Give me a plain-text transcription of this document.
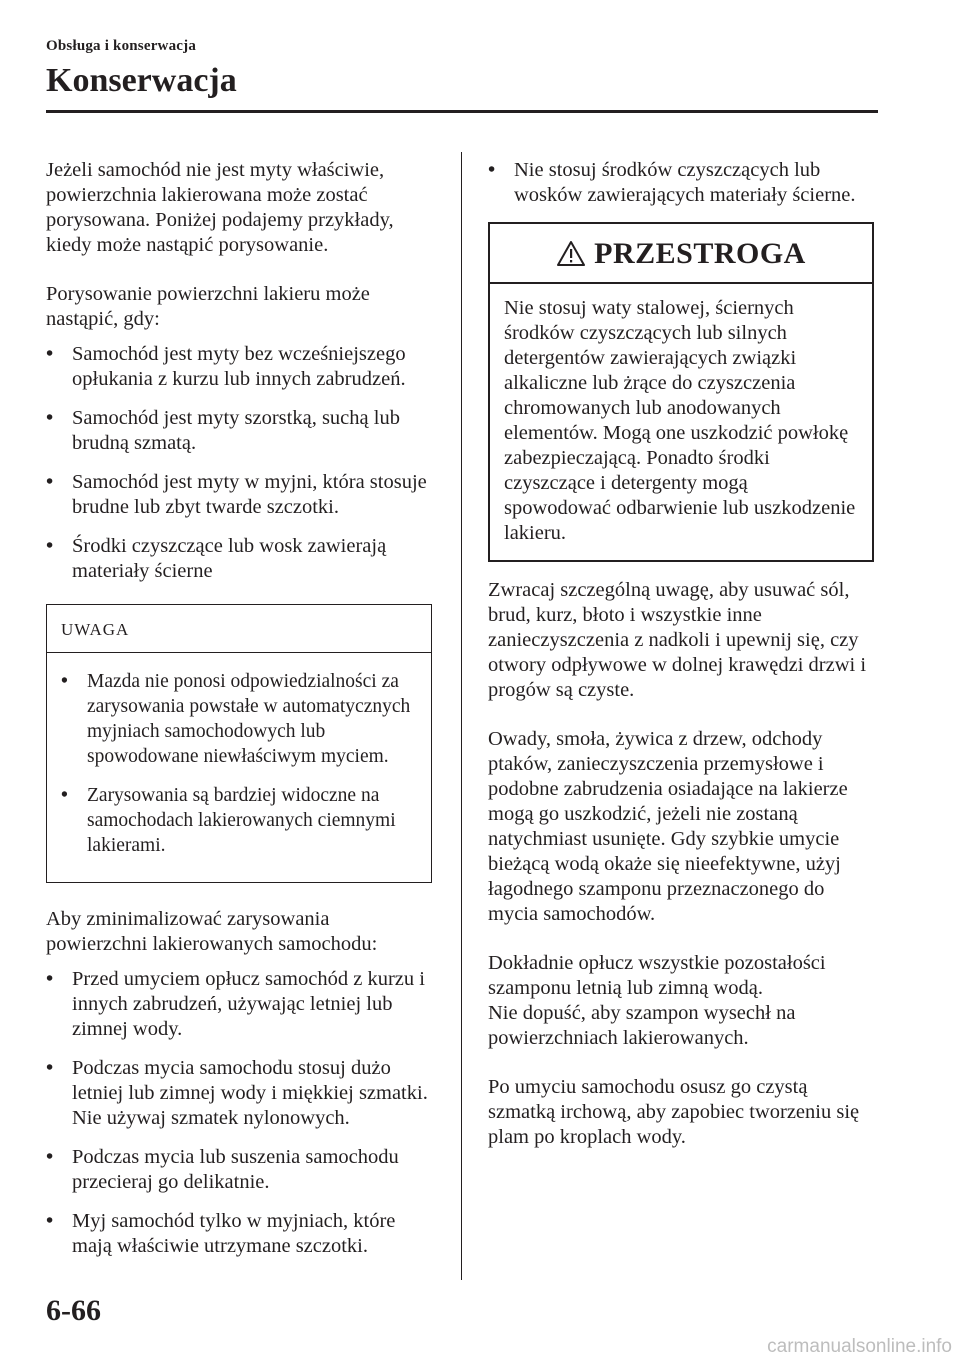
Obsługa i konserwacja
Konserwacja

Jeżeli samochód nie jest myty właściwie, powierzchnia lakierowana może zostać porysowana. Poniżej podajemy przykłady, kiedy może nastąpić porysowanie.

Porysowanie powierzchni lakieru może nastąpić, gdy:

• Samochód jest myty bez wcześniejszego opłukania z kurzu lub innych zabrudzeń.
• Samochód jest myty szorstką, suchą lub brudną szmatą.
• Samochód jest myty w myjni, która stosuje brudne lub zbyt twarde szczotki.
• Środki czyszczące lub wosk zawierają materiały ścierne
UWAGA
• Mazda nie ponosi odpowiedzialności za zarysowania powstałe w automatycznych myjniach samochodowych lub spowodowane niewłaściwym myciem.
• Zarysowania są bardziej widoczne na samochodach lakierowanych ciemnymi lakierami.

Aby zminimalizować zarysowania powierzchni lakierowanych samochodu:

• Przed umyciem opłucz samochód z kurzu i innych zabrudzeń, używając letniej lub zimnej wody.
• Podczas mycia samochodu stosuj dużo letniej lub zimnej wody i miękkiej szmatki. Nie używaj szmatek nylonowych.
• Podczas mycia lub suszenia samochodu przecieraj go delikatnie.
• Myj samochód tylko w myjniach, które mają właściwie utrzymane szczotki.
• Nie stosuj środków czyszczących lub wosków zawierających materiały ścierne.
PRZESTROGA
Nie stosuj waty stalowej, ściernych środków czyszczących lub silnych detergentów zawierających związki alkaliczne lub żrące do czyszczenia chromowanych lub anodowanych elementów. Mogą one uszkodzić powłokę zabezpieczającą. Ponadto środki czyszczące i detergenty mogą spowodować odbarwienie lub uszkodzenie lakieru.

Zwracaj szczególną uwagę, aby usuwać sól, brud, kurz, błoto i wszystkie inne zanieczyszczenia z nadkoli i upewnij się, czy otwory odpływowe w dolnej krawędzi drzwi i progów są czyste.

Owady, smoła, żywica z drzew, odchody ptaków, zanieczyszczenia przemysłowe i podobne zabrudzenia osiadające na lakierze mogą go uszkodzić, jeżeli nie zostaną natychmiast usunięte. Gdy szybkie umycie bieżącą wodą okaże się nieefektywne, użyj łagodnego szamponu przeznaczonego do mycia samochodów.

Dokładnie opłucz wszystkie pozostałości szamponu letnią lub zimną wodą.
Nie dopuść, aby szampon wysechł na powierzchniach lakierowanych.

Po umyciu samochodu osusz go czystą szmatką irchową, aby zapobiec tworzeniu się plam po kroplach wody.

6-66
carmanualsonline.info
